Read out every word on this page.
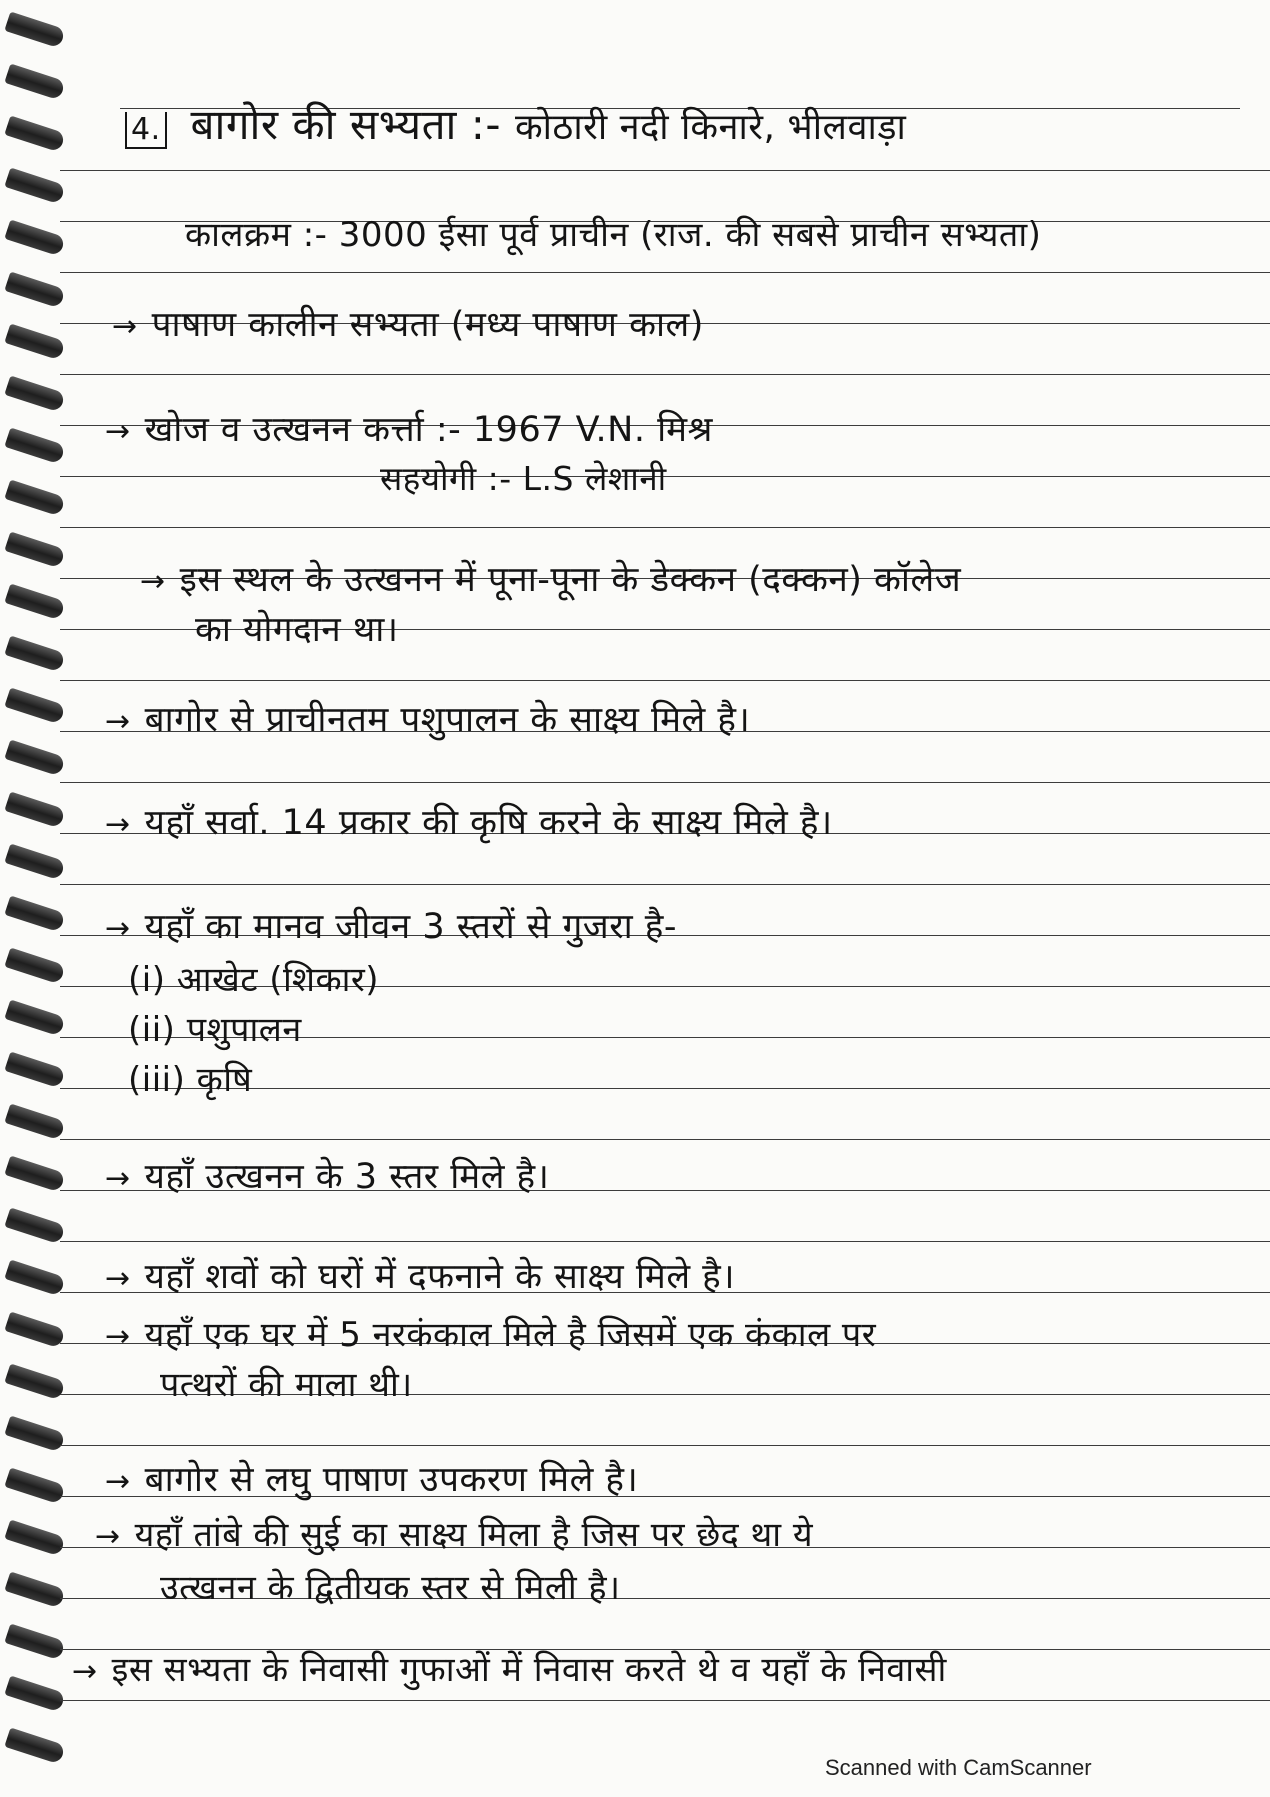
4. बागोर की सभ्यता :- कोठारी नदी किनारे, भीलवाड़ा
कालक्रम :- 3000 ईसा पूर्व प्राचीन (राज. की सबसे प्राचीन सभ्यता)
→ पाषाण कालीन सभ्यता (मध्य पाषाण काल)
→ खोज व उत्खनन कर्त्ता :- 1967 V.N. मिश्र
सहयोगी :- L.S लेशानी
→ इस स्थल के उत्खनन में पूना-पूना के डेक्कन (दक्कन) कॉलेज
का योगदान था।
→ बागोर से प्राचीनतम पशुपालन के साक्ष्य मिले है।
→ यहाँ सर्वा. 14 प्रकार की कृषि करने के साक्ष्य मिले है।
→ यहाँ का मानव जीवन 3 स्तरों से गुजरा है-
(i) आखेट (शिकार)
(ii) पशुपालन
(iii) कृषि
→ यहाँ उत्खनन के 3 स्तर मिले है।
→ यहाँ शवों को घरों में दफनाने के साक्ष्य मिले है।
→ यहाँ एक घर में 5 नरकंकाल मिले है जिसमें एक कंकाल पर
पत्थरों की माला थी।
→ बागोर से लघु पाषाण उपकरण मिले है।
→ यहाँ तांबे की सुई का साक्ष्य मिला है जिस पर छेद था ये
उत्खनन के द्वितीयक स्तर से मिली है।
→ इस सभ्यता के निवासी गुफाओं में निवास करते थे व यहाँ के निवासी
Scanned with CamScanner
